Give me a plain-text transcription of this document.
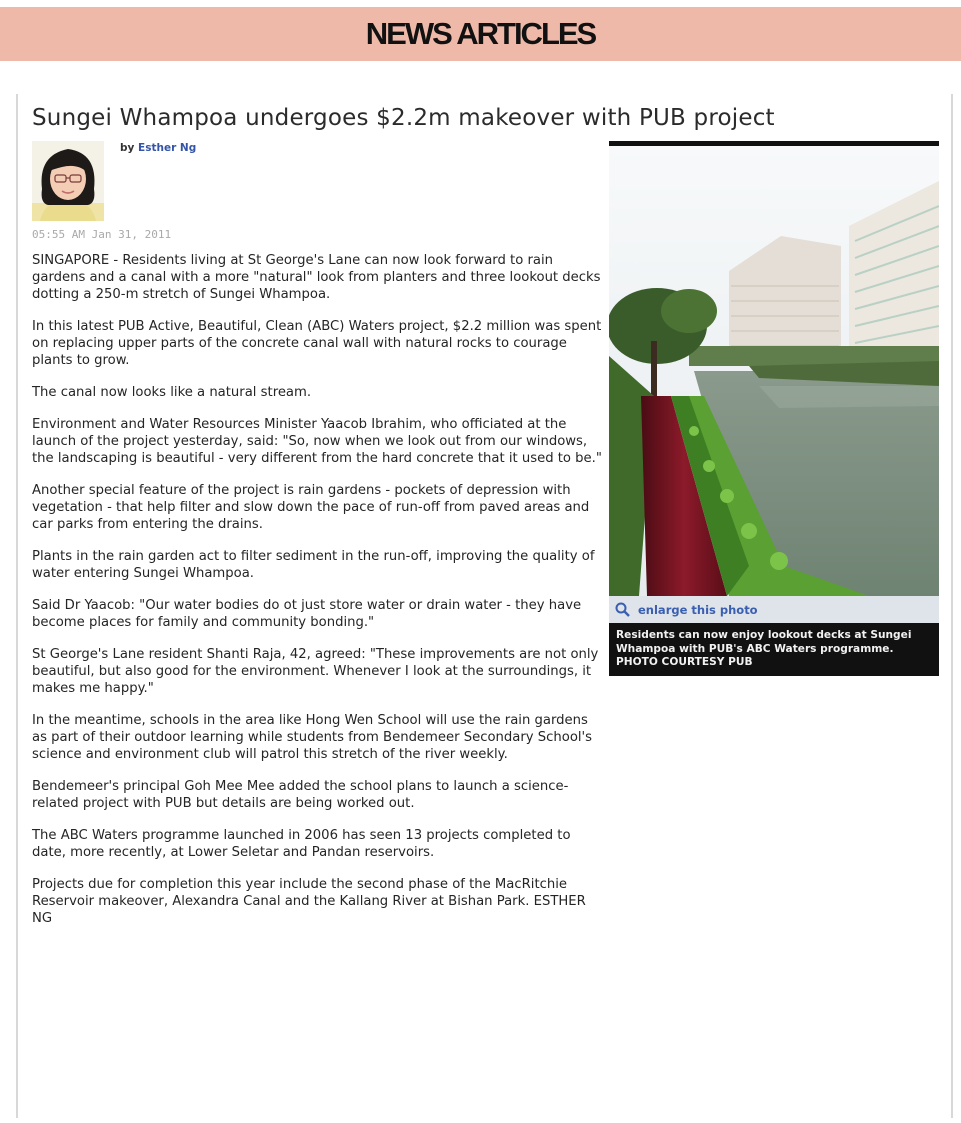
NEWS ARTICLES
Sungei Whampoa undergoes $2.2m makeover with PUB project
by Esther Ng
05:55 AM Jan 31, 2011

SINGAPORE - Residents living at St George's Lane can now look forward to rain gardens and a canal with a more "natural" look from planters and three lookout decks dotting a 250-m stretch of Sungei Whampoa.

In this latest PUB Active, Beautiful, Clean (ABC) Waters project, $2.2 million was spent on replacing upper parts of the concrete canal wall with natural rocks to courage plants to grow.

The canal now looks like a natural stream.

Environment and Water Resources Minister Yaacob Ibrahim, who officiated at the launch of the project yesterday, said: "So, now when we look out from our windows, the landscaping is beautiful - very different from the hard concrete that it used to be."

Another special feature of the project is rain gardens - pockets of depression with vegetation - that help filter and slow down the pace of run-off from paved areas and car parks from entering the drains.

Plants in the rain garden act to filter sediment in the run-off, improving the quality of water entering Sungei Whampoa.

Said Dr Yaacob: "Our water bodies do ot just store water or drain water - they have become places for family and community bonding."

St George's Lane resident Shanti Raja, 42, agreed: "These improvements are not only beautiful, but also good for the environment. Whenever I look at the surroundings, it makes me happy."

In the meantime, schools in the area like Hong Wen School will use the rain gardens as part of their outdoor learning while students from Bendemeer Secondary School's science and environment club will patrol this stretch of the river weekly.

Bendemeer's principal Goh Mee Mee added the school plans to launch a science-related project with PUB but details are being worked out.

The ABC Waters programme launched in 2006 has seen 13 projects completed to date, more recently, at Lower Seletar and Pandan reservoirs.

Projects due for completion this year include the second phase of the MacRitchie Reservoir makeover, Alexandra Canal and the Kallang River at Bishan Park. ESTHER NG

enlarge this photo
Residents can now enjoy lookout decks at Sungei Whampoa with PUB's ABC Waters programme. PHOTO COURTESY PUB
